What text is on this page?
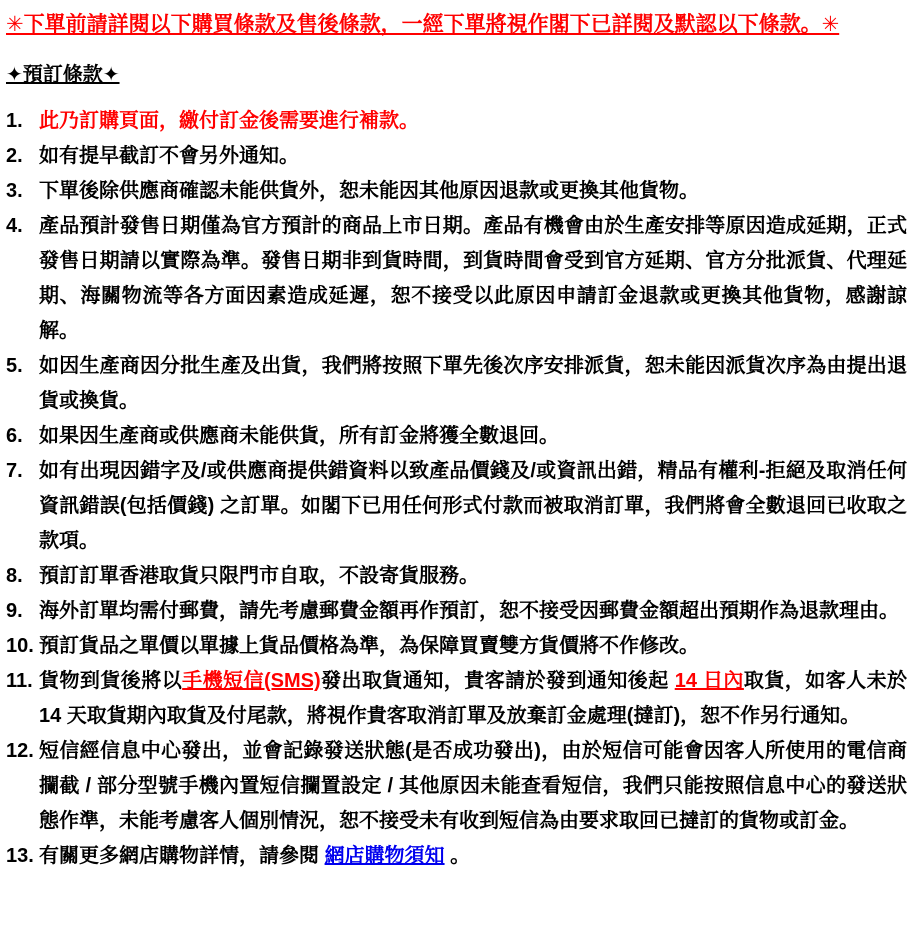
✳下單前請詳閱以下購買條款及售後條款，一經下單將視作閣下已詳閱及默認以下條款。✳
✦預訂條款✦
1. 此乃訂購頁面，繳付訂金後需要進行補款。
2. 如有提早截訂不會另外通知。
3. 下單後除供應商確認未能供貨外，恕未能因其他原因退款或更換其他貨物。
4. 產品預計發售日期僅為官方預計的商品上市日期。產品有機會由於生產安排等原因造成延期，正式發售日期請以實際為準。發售日期非到貨時間，到貨時間會受到官方延期、官方分批派貨、代理延期、海關物流等各方面因素造成延遲，恕不接受以此原因申請訂金退款或更換其他貨物，感謝諒解。
5. 如因生產商因分批生產及出貨，我們將按照下單先後次序安排派貨，恕未能因派貨次序為由提出退貨或換貨。
6. 如果因生產商或供應商未能供貨，所有訂金將獲全數退回。
7. 如有出現因錯字及/或供應商提供錯資料以致產品價錢及/或資訊出錯，精品有權利-拒絕及取消任何資訊錯誤(包括價錢) 之訂單。如閣下已用任何形式付款而被取消訂單，我們將會全數退回已收取之款項。
8. 預訂訂單香港取貨只限門市自取，不設寄貨服務。
9. 海外訂單均需付郵費，請先考慮郵費金額再作預訂，恕不接受因郵費金額超出預期作為退款理由。
10. 預訂貨品之單價以單據上貨品價格為準，為保障買賣雙方貨價將不作修改。
11. 貨物到貨後將以手機短信(SMS)發出取貨通知，貴客請於發到通知後起 14 日內取貨，如客人未於 14 天取貨期內取貨及付尾款，將視作貴客取消訂單及放棄訂金處理(撻訂)，恕不作另行通知。
12. 短信經信息中心發出，並會記錄發送狀態(是否成功發出)，由於短信可能會因客人所使用的電信商攔截 / 部分型號手機內置短信攔置設定 / 其他原因未能查看短信，我們只能按照信息中心的發送狀態作準，未能考慮客人個別情況，恕不接受未有收到短信為由要求取回已撻訂的貨物或訂金。
13. 有關更多網店購物詳情，請參閱 網店購物須知 。
